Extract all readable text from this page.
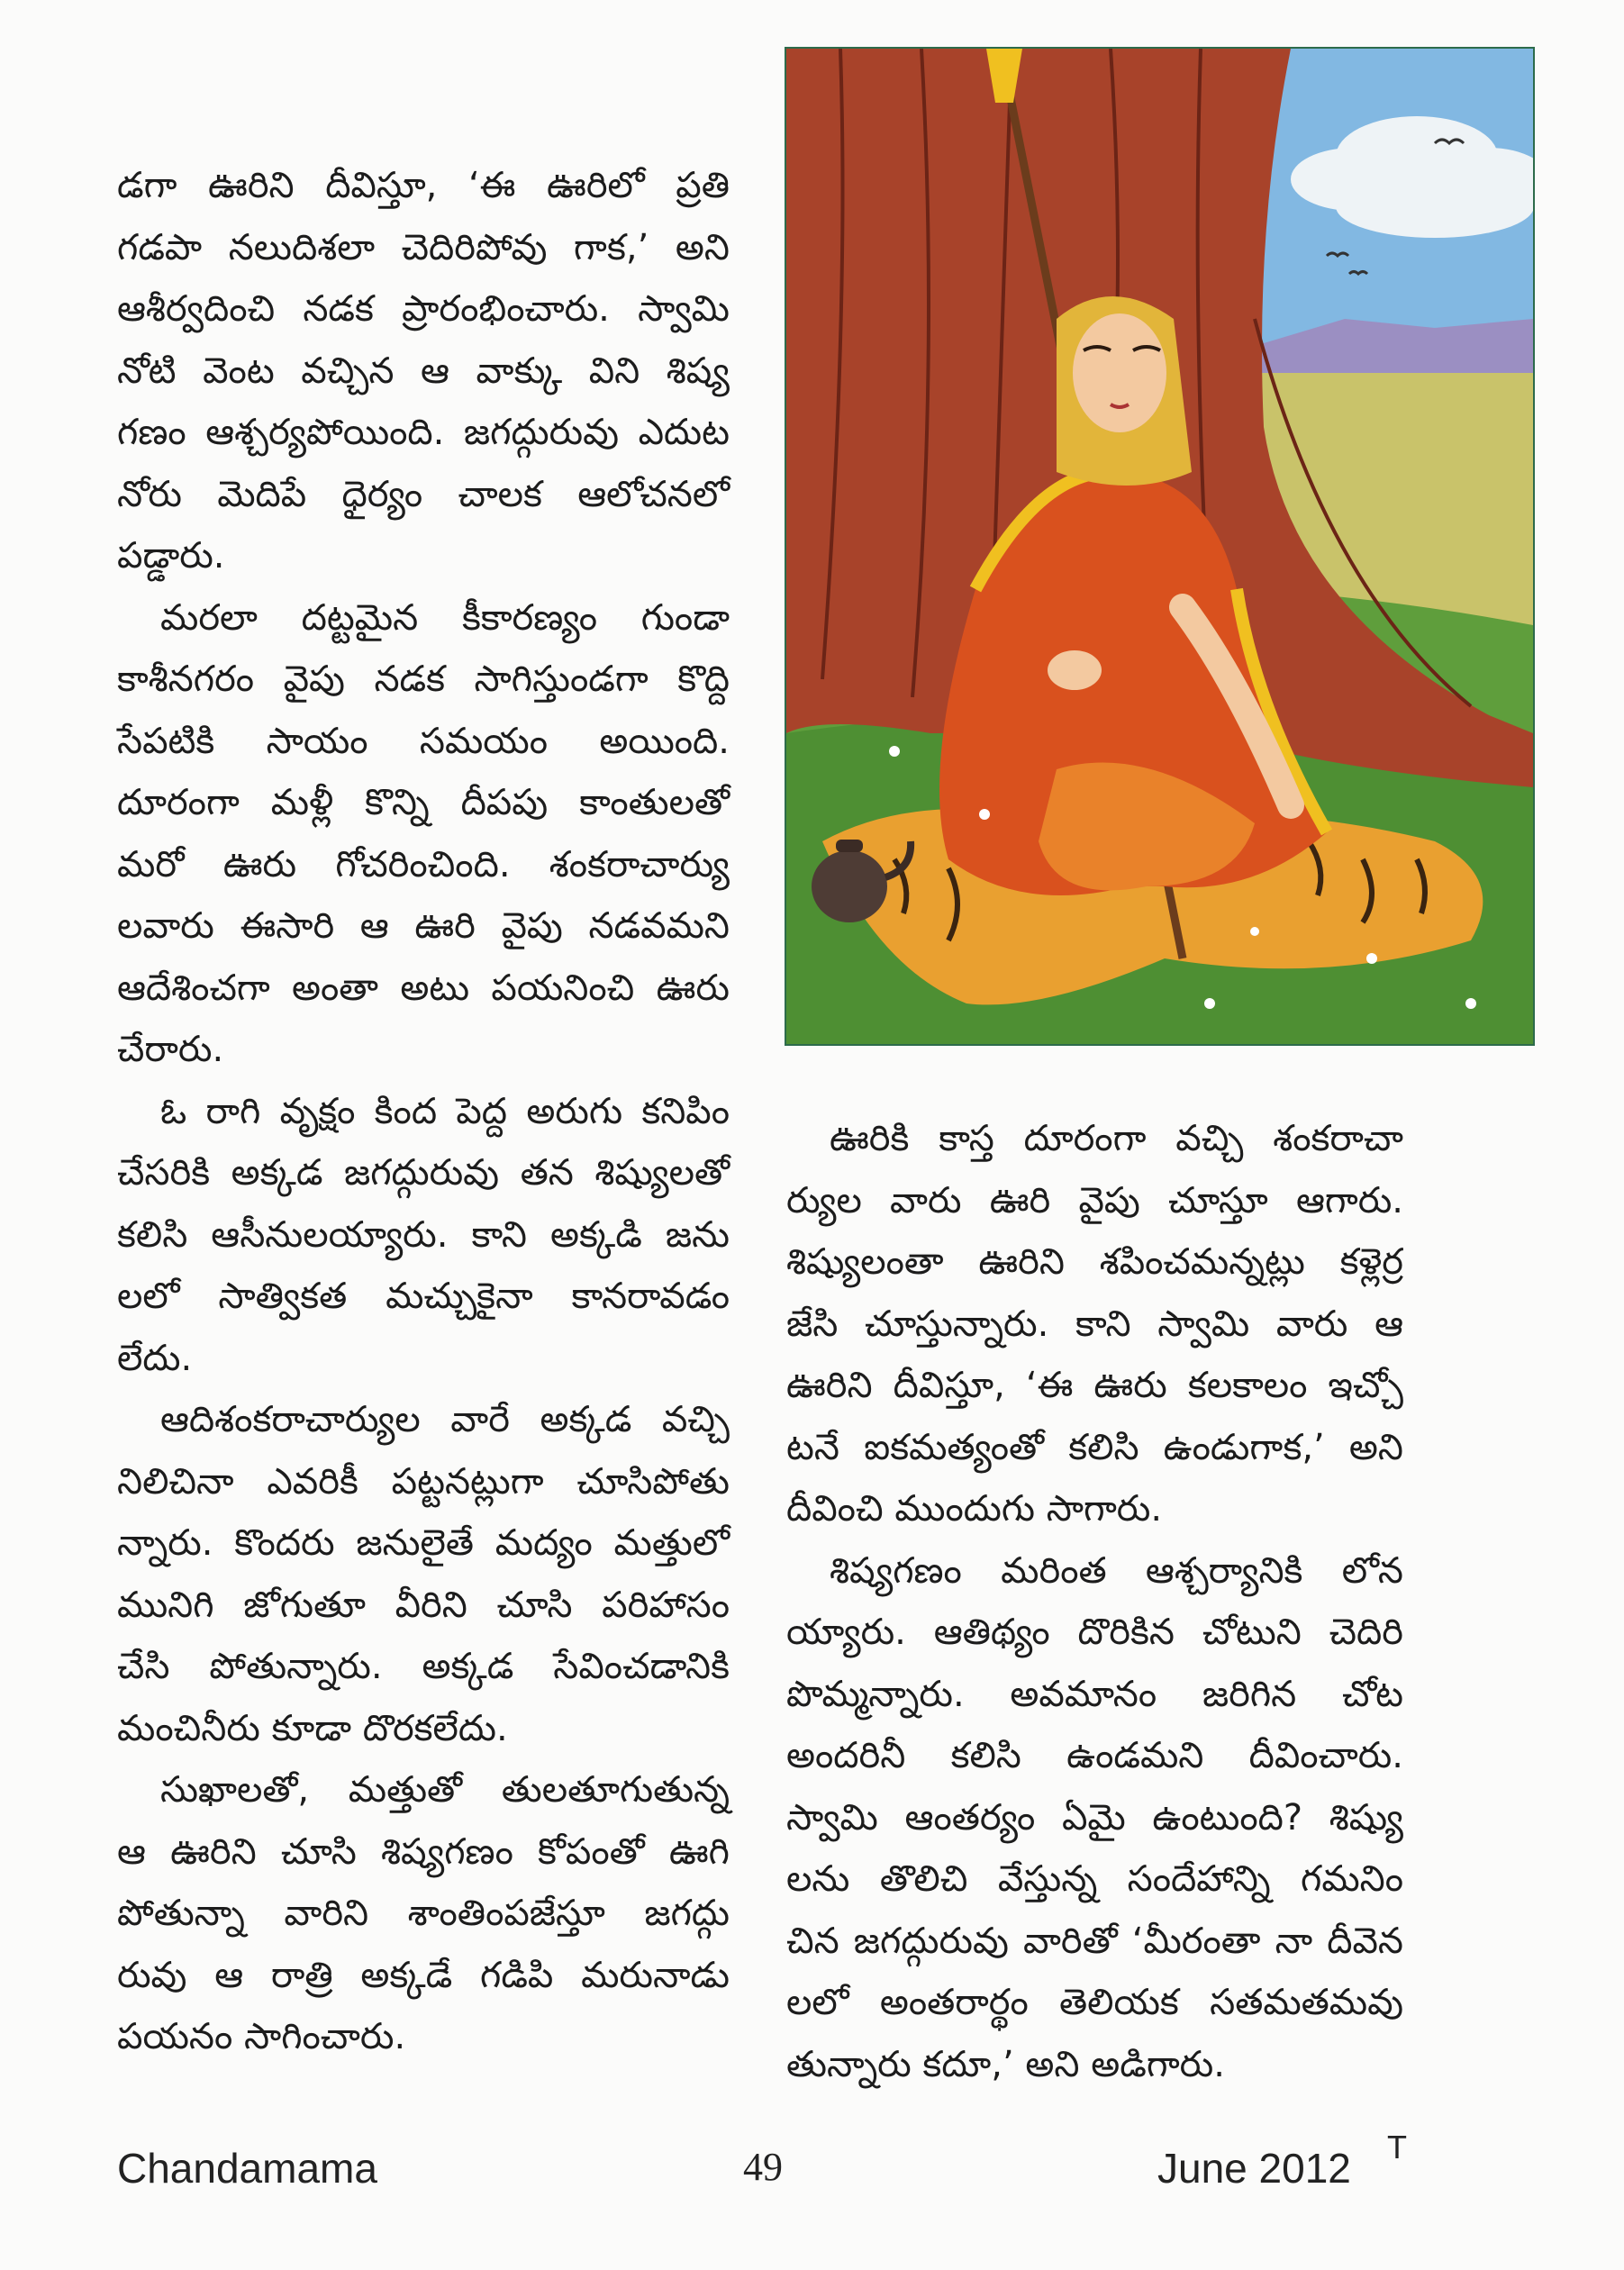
డగా ఊరిని దీవిస్తూ, ‘ఈ ఊరిలో ప్రతి

గడపా నలుదిశలా చెదిరిపోవు గాక,’ అని

ఆశీర్వదించి నడక ప్రారంభించారు. స్వామి

నోటి వెంట వచ్చిన ఆ వాక్కు విని శిష్య

గణం ఆశ్చర్యపోయింది. జగద్గురువు ఎదుట

నోరు మెదిపే ధైర్యం చాలక ఆలోచనలో

పడ్డారు.

మరలా దట్టమైన కీకారణ్యం గుండా

కాశీనగరం వైపు నడక సాగిస్తుండగా కొద్ది

సేపటికి సాయం సమయం అయింది.

దూరంగా మళ్లీ కొన్ని దీపపు కాంతులతో

మరో ఊరు గోచరించింది. శంకరాచార్యు

లవారు ఈసారి ఆ ఊరి వైపు నడవమని

ఆదేశించగా అంతా అటు పయనించి ఊరు

చేరారు.

ఓ రాగి వృక్షం కింద పెద్ద అరుగు కనిపిం

చేసరికి అక్కడ జగద్గురువు తన శిష్యులతో

కలిసి ఆసీనులయ్యారు. కాని అక్కడి జను

లలో సాత్వికత మచ్చుకైనా కానరావడం

లేదు.

ఆదిశంకరాచార్యుల వారే అక్కడ వచ్చి

నిలిచినా ఎవరికీ పట్టనట్లుగా చూసిపోతు

న్నారు. కొందరు జనులైతే మద్యం మత్తులో

మునిగి జోగుతూ వీరిని చూసి పరిహాసం

చేసి పోతున్నారు. అక్కడ సేవించడానికి

మంచినీరు కూడా దొరకలేదు.

సుఖాలతో, మత్తుతో తులతూగుతున్న

ఆ ఊరిని చూసి శిష్యగణం కోపంతో ఊగి

పోతున్నా వారిని శాంతింపజేస్తూ జగద్గు

రువు ఆ రాత్రి అక్కడే గడిపి మరునాడు

పయనం సాగించారు.

ఊరికి కాస్త దూరంగా వచ్చి శంకరాచా

ర్యుల వారు ఊరి వైపు చూస్తూ ఆగారు.

శిష్యులంతా ఊరిని శపించమన్నట్లు కళ్లెర్ర

జేసి చూస్తున్నారు. కాని స్వామి వారు ఆ

ఊరిని దీవిస్తూ, ‘ఈ ఊరు కలకాలం ఇచ్చో

టనే ఐకమత్యంతో కలిసి ఉండుగాక,’ అని

దీవించి ముందుగు సాగారు.

శిష్యగణం మరింత ఆశ్చర్యానికి లోన

య్యారు. ఆతిథ్యం దొరికిన చోటుని చెదిరి

పొమ్మన్నారు. అవమానం జరిగిన చోట

అందరినీ కలిసి ఉండమని దీవించారు.

స్వామి ఆంతర్యం ఏమై ఉంటుంది? శిష్యు

లను తొలిచి వేస్తున్న సందేహాన్ని గమనిం

చిన జగద్గురువు వారితో ‘మీరంతా నా దీవెన

లలో అంతరార్థం తెలియక సతమతమవు

తున్నారు కదూ,’ అని అడిగారు.

Chandamama	49	June 2012 T
